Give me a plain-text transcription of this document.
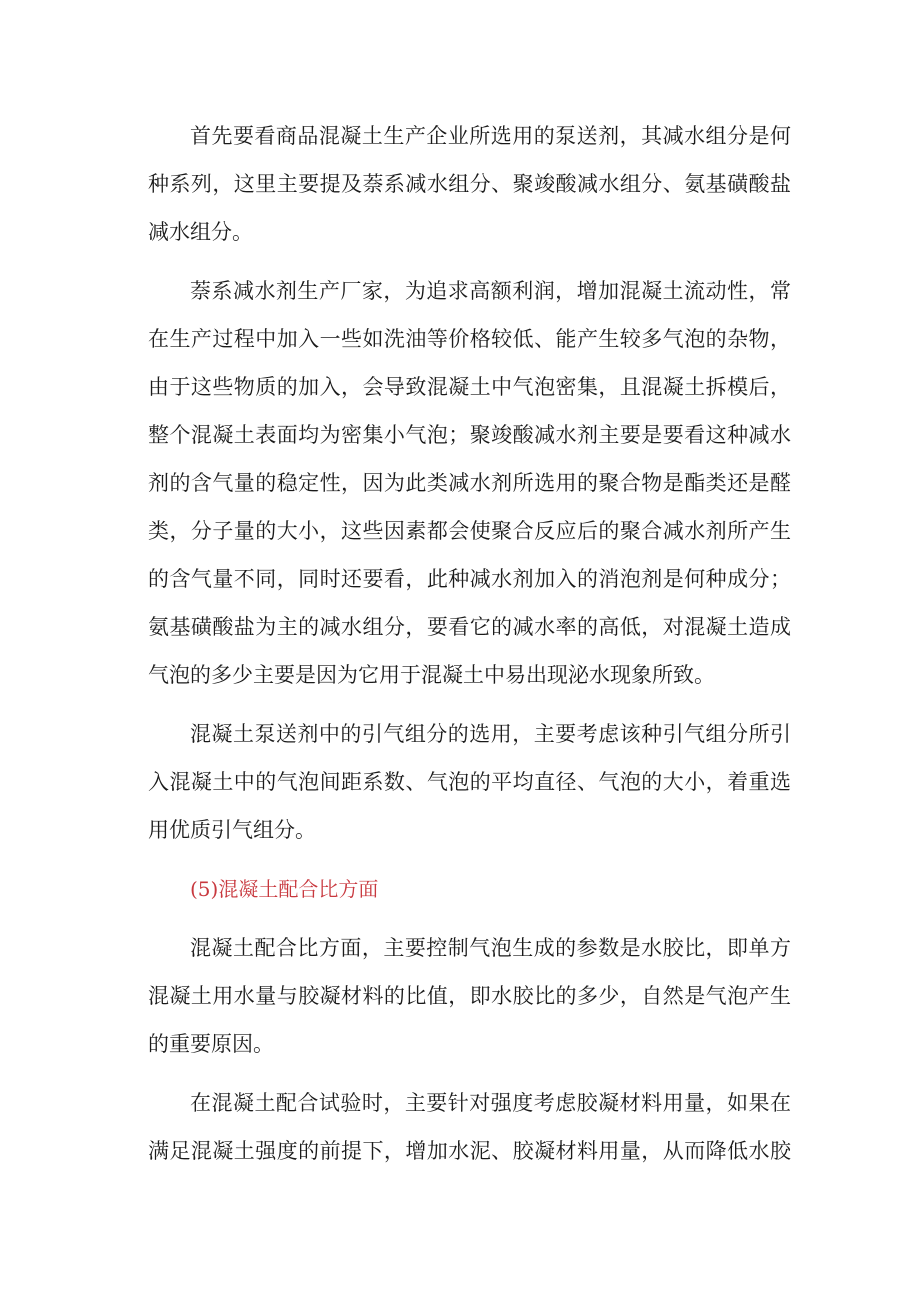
首先要看商品混凝土生产企业所选用的泵送剂，其减水组分是何
种系列，这里主要提及萘系减水组分、聚竣酸减水组分、氨基磺酸盐
减水组分。
萘系减水剂生产厂家，为追求高额利润，增加混凝土流动性，常
在生产过程中加入一些如洗油等价格较低、能产生较多气泡的杂物，
由于这些物质的加入，会导致混凝土中气泡密集，且混凝土拆模后，
整个混凝土表面均为密集小气泡；聚竣酸减水剂主要是要看这种减水
剂的含气量的稳定性，因为此类减水剂所选用的聚合物是酯类还是醛
类，分子量的大小，这些因素都会使聚合反应后的聚合减水剂所产生
的含气量不同，同时还要看，此种减水剂加入的消泡剂是何种成分；
氨基磺酸盐为主的减水组分，要看它的减水率的高低，对混凝土造成
气泡的多少主要是因为它用于混凝土中易出现泌水现象所致。
混凝土泵送剂中的引气组分的选用，主要考虑该种引气组分所引
入混凝土中的气泡间距系数、气泡的平均直径、气泡的大小，着重选
用优质引气组分。
(5)混凝土配合比方面
混凝土配合比方面，主要控制气泡生成的参数是水胶比，即单方
混凝土用水量与胶凝材料的比值，即水胶比的多少，自然是气泡产生
的重要原因。
在混凝土配合试验时，主要针对强度考虑胶凝材料用量，如果在
满足混凝土强度的前提下，增加水泥、胶凝材料用量，从而降低水胶
